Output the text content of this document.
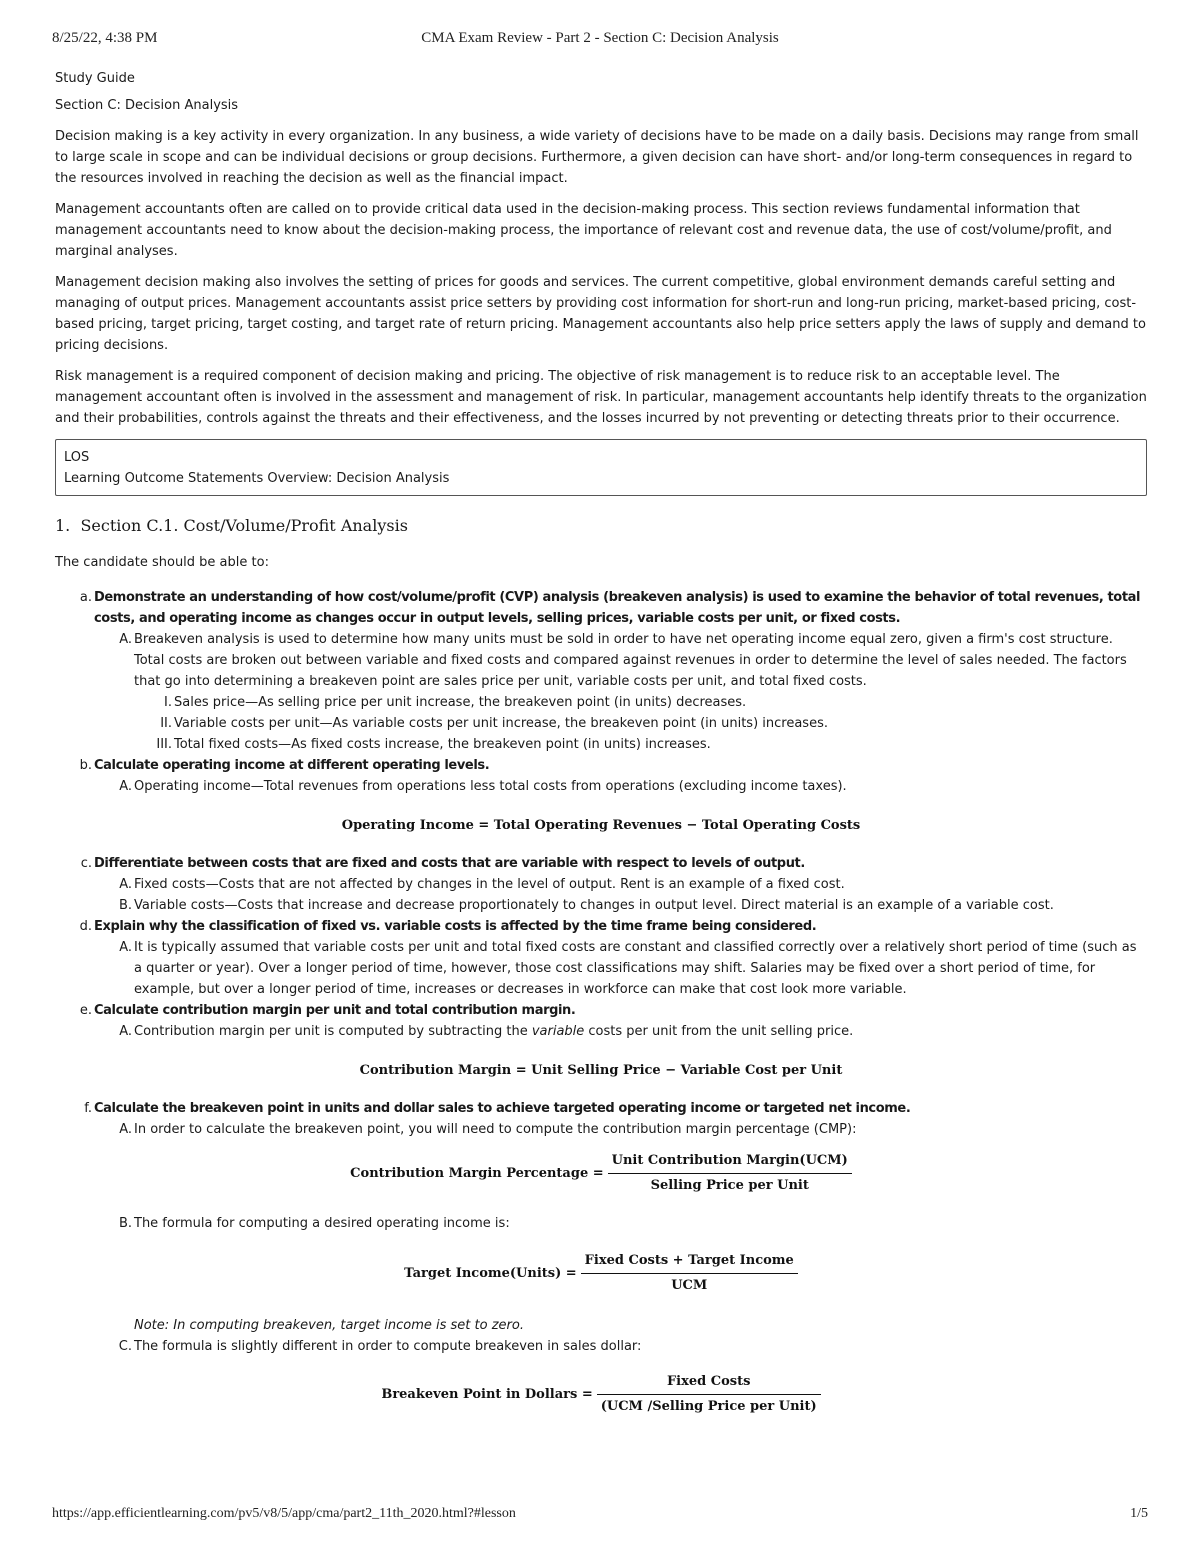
8/25/22, 4:38 PM	CMA Exam Review - Part 2 - Section C: Decision Analysis

Study Guide

Section C: Decision Analysis

Decision making is a key activity in every organization. In any business, a wide variety of decisions have to be made on a daily basis. Decisions may range from small to large scale in scope and can be individual decisions or group decisions. Furthermore, a given decision can have short- and/or long-term consequences in regard to the resources involved in reaching the decision as well as the financial impact.

Management accountants often are called on to provide critical data used in the decision-making process. This section reviews fundamental information that management accountants need to know about the decision-making process, the importance of relevant cost and revenue data, the use of cost/volume/profit, and marginal analyses.

Management decision making also involves the setting of prices for goods and services. The current competitive, global environment demands careful setting and managing of output prices. Management accountants assist price setters by providing cost information for short-run and long-run pricing, market-based pricing, cost-based pricing, target pricing, target costing, and target rate of return pricing. Management accountants also help price setters apply the laws of supply and demand to pricing decisions.

Risk management is a required component of decision making and pricing. The objective of risk management is to reduce risk to an acceptable level. The management accountant often is involved in the assessment and management of risk. In particular, management accountants help identify threats to the organization and their probabilities, controls against the threats and their effectiveness, and the losses incurred by not preventing or detecting threats prior to their occurrence.

LOS
Learning Outcome Statements Overview: Decision Analysis
1. Section C.1. Cost/Volume/Profit Analysis

The candidate should be able to:

a. Demonstrate an understanding of how cost/volume/profit (CVP) analysis (breakeven analysis) is used to examine the behavior of total revenues, total costs, and operating income as changes occur in output levels, selling prices, variable costs per unit, or fixed costs.
A. Breakeven analysis is used to determine how many units must be sold in order to have net operating income equal zero, given a firm's cost structure. Total costs are broken out between variable and fixed costs and compared against revenues in order to determine the level of sales needed. The factors that go into determining a breakeven point are sales price per unit, variable costs per unit, and total fixed costs.
I. Sales price—As selling price per unit increase, the breakeven point (in units) decreases.
II. Variable costs per unit—As variable costs per unit increase, the breakeven point (in units) increases.
III. Total fixed costs—As fixed costs increase, the breakeven point (in units) increases.
b. Calculate operating income at different operating levels.
A. Operating income—Total revenues from operations less total costs from operations (excluding income taxes).

Operating Income = Total Operating Revenues − Total Operating Costs

c. Differentiate between costs that are fixed and costs that are variable with respect to levels of output.
A. Fixed costs—Costs that are not affected by changes in the level of output. Rent is an example of a fixed cost.
B. Variable costs—Costs that increase and decrease proportionately to changes in output level. Direct material is an example of a variable cost.
d. Explain why the classification of fixed vs. variable costs is affected by the time frame being considered.
A. It is typically assumed that variable costs per unit and total fixed costs are constant and classified correctly over a relatively short period of time (such as a quarter or year). Over a longer period of time, however, those cost classifications may shift. Salaries may be fixed over a short period of time, for example, but over a longer period of time, increases or decreases in workforce can make that cost look more variable.
e. Calculate contribution margin per unit and total contribution margin.
A. Contribution margin per unit is computed by subtracting the variable costs per unit from the unit selling price.

Contribution Margin = Unit Selling Price − Variable Cost per Unit

f. Calculate the breakeven point in units and dollar sales to achieve targeted operating income or targeted net income.
A. In order to calculate the breakeven point, you will need to compute the contribution margin percentage (CMP):
Contribution Margin Percentage = $\frac{\text{Unit Contribution Margin(UCM)}}{\text{Selling Price per Unit}}$
B. The formula for computing a desired operating income is:
Target Income(Units) = $\frac{\text{Fixed Costs + Target Income}}{\text{UCM}}$
Note: In computing breakeven, target income is set to zero.
C. The formula is slightly different in order to compute breakeven in sales dollar:
Breakeven Point in Dollars = $\frac{\text{Fixed Costs}}{\text{(UCM /Selling Price per Unit)}}$
https://app.efficientlearning.com/pv5/v8/5/app/cma/part2_11th_2020.html?#lesson	1/5
